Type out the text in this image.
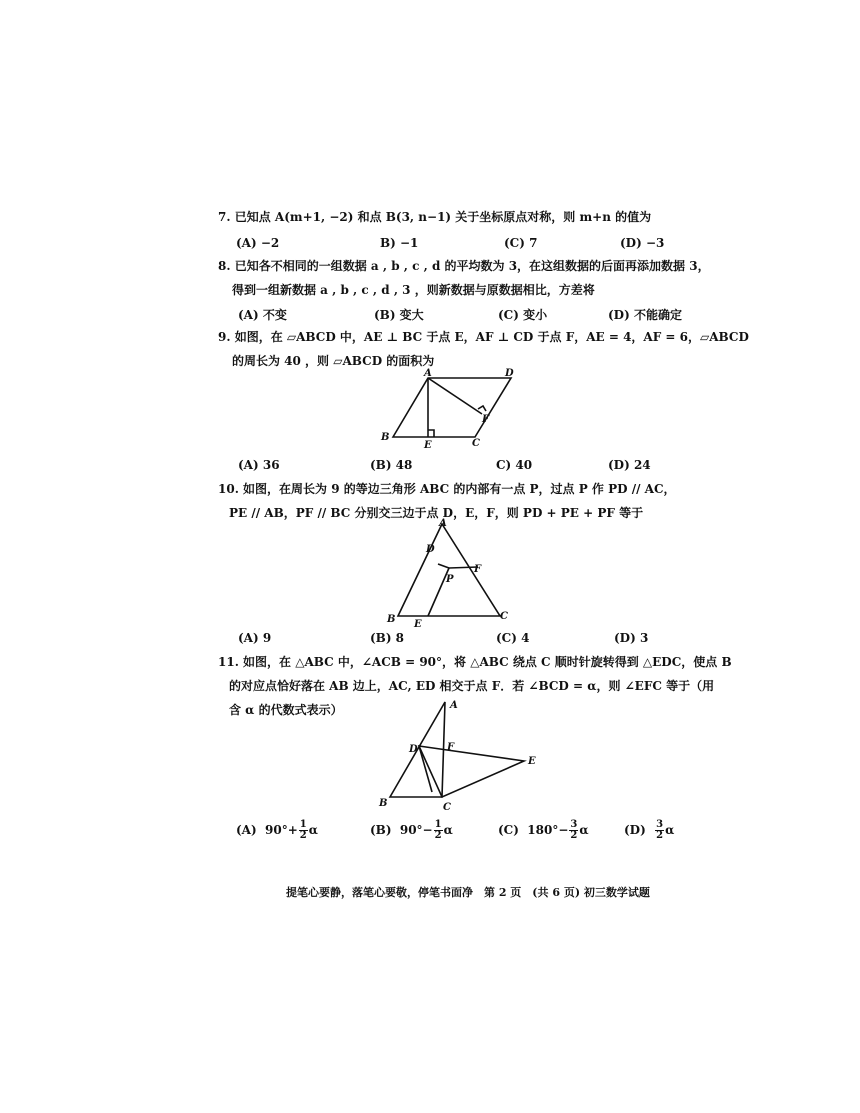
7. 已知点 A(m+1, −2) 和点 B(3, n−1) 关于坐标原点对称，则 m+n 的值为
(A) −2	B) −1	(C) 7	(D) −3
8. 已知各不相同的一组数据 a , b , c , d 的平均数为 3，在这组数据的后面再添加数据 3，
得到一组新数据 a , b , c , d , 3 ，则新数据与原数据相比，方差将
(A) 不变	(B) 变大	(C) 变小	(D) 不能确定
9. 如图，在 ▱ABCD 中，AE ⊥ BC 于点 E，AF ⊥ CD 于点 F，AE = 4，AF = 6，▱ABCD
的周长为 40 ，则 ▱ABCD 的面积为
A	D
F
B
E	C
(A) 36	(B) 48	C) 40	(D) 24
10. 如图，在周长为 9 的等边三角形 ABC 的内部有一点 P，过点 P 作 PD // AC，
PE // AB，PF // BC 分别交三边于点 D，E，F，则 PD + PE + PF 等于
A
D
F
P
B E
C
(A) 9	(B) 8	(C) 4	(D) 3
11. 如图，在 △ABC 中，∠ACB = 90°，将 △ABC 绕点 C 顺时针旋转得到 △EDC，使点 B
的对应点恰好落在 AB 边上，AC, ED 相交于点 F．若 ∠BCD = α，则 ∠EFC 等于（用
含 α 的代数式表示）	A
D	F
E
B	C
(A) $90^\circ+ \frac{1}{2}$ α	(B) $90^\circ- \frac{1}{2}$ α	(C) $180^\circ- \frac{3}{2}$ α	$(D) \frac{3}{2}$ α
提笔心要静，落笔心要敬，停笔书面净　第 2 页　(共 6 页) 初三数学试题
